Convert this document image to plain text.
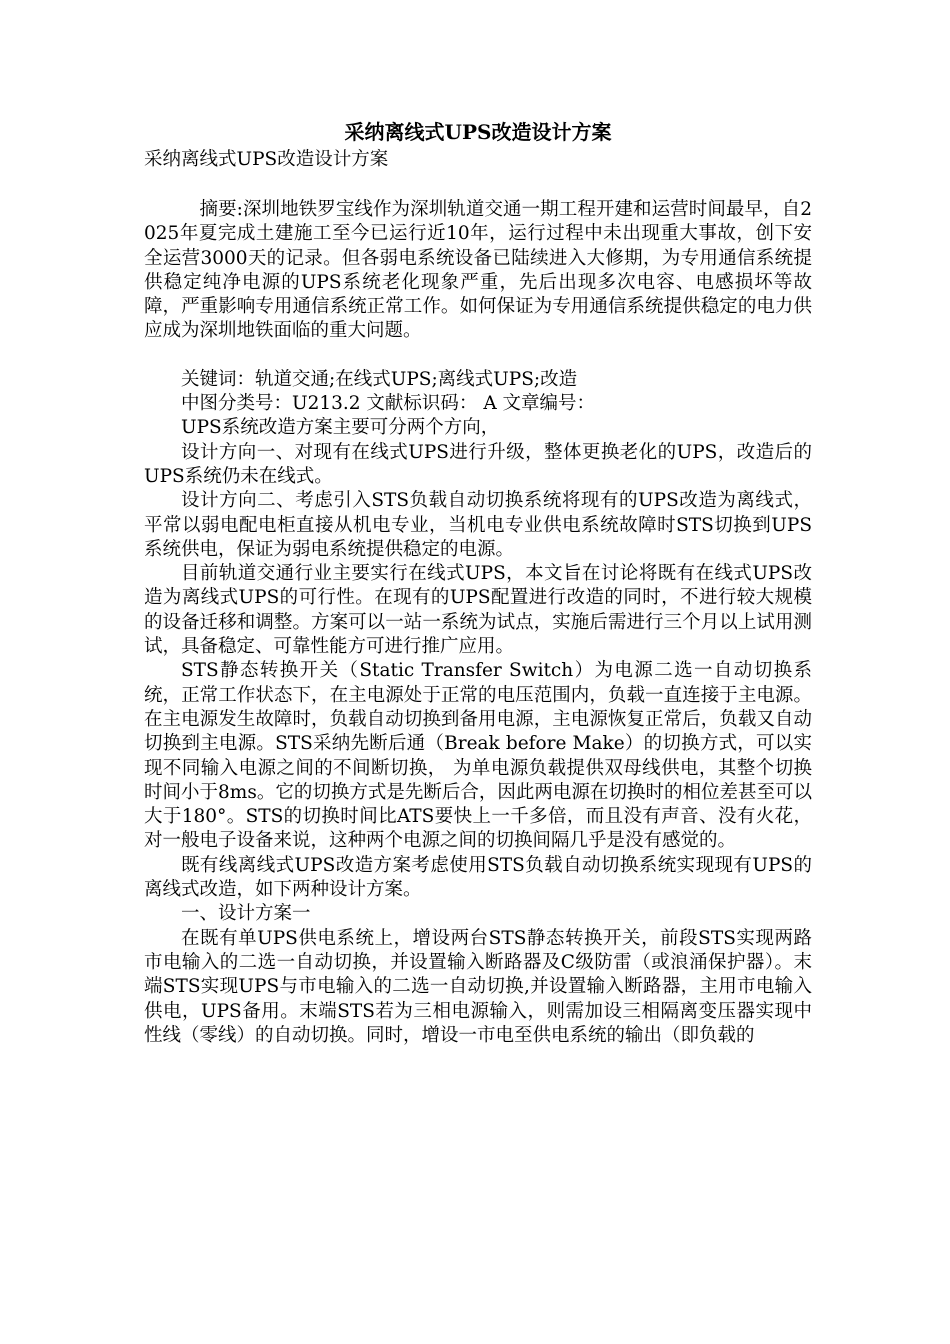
采纳离线式UPS改造设计方案
采纳离线式UPS改造设计方案

摘要:深圳地铁罗宝线作为深圳轨道交通一期工程开建和运营时间最早，自2025年夏完成土建施工至今已运行近10年，运行过程中未出现重大事故，创下安全运营3000天的记录。但各弱电系统设备已陆续进入大修期，为专用通信系统提供稳定纯净电源的UPS系统老化现象严重，先后出现多次电容、电感损坏等故障，严重影响专用通信系统正常工作。如何保证为专用通信系统提供稳定的电力供应成为深圳地铁面临的重大问题。

关键词：轨道交通;在线式UPS;离线式UPS;改造

中图分类号：U213.2 文献标识码： A 文章编号：

UPS系统改造方案主要可分两个方向，

设计方向一、对现有在线式UPS进行升级，整体更换老化的UPS，改造后的UPS系统仍未在线式。

设计方向二、考虑引入STS负载自动切换系统将现有的UPS改造为离线式，平常以弱电配电柜直接从机电专业，当机电专业供电系统故障时STS切换到UPS系统供电，保证为弱电系统提供稳定的电源。

目前轨道交通行业主要实行在线式UPS，本文旨在讨论将既有在线式UPS改造为离线式UPS的可行性。在现有的UPS配置进行改造的同时，不进行较大规模的设备迁移和调整。方案可以一站一系统为试点，实施后需进行三个月以上试用测试，具备稳定、可靠性能方可进行推广应用。

STS静态转换开关（Static Transfer Switch）为电源二选一自动切换系统，正常工作状态下，在主电源处于正常的电压范围内，负载一直连接于主电源。在主电源发生故障时，负载自动切换到备用电源，主电源恢复正常后，负载又自动切换到主电源。STS采纳先断后通（Break before Make）的切换方式，可以实现不同输入电源之间的不间断切换， 为单电源负载提供双母线供电，其整个切换时间小于8ms。它的切换方式是先断后合，因此两电源在切换时的相位差甚至可以大于180°。STS的切换时间比ATS要快上一千多倍，而且没有声音、没有火花，对一般电子设备来说，这种两个电源之间的切换间隔几乎是没有感觉的。

既有线离线式UPS改造方案考虑使用STS负载自动切换系统实现现有UPS的离线式改造，如下两种设计方案。

一、设计方案一

在既有单UPS供电系统上，增设两台STS静态转换开关，前段STS实现两路市电输入的二选一自动切换，并设置输入断路器及C级防雷（或浪涌保护器）。末端STS实现UPS与市电输入的二选一自动切换,并设置输入断路器，主用市电输入供电，UPS备用。末端STS若为三相电源输入，则需加设三相隔离变压器实现中性线（零线）的自动切换。同时，增设一市电至供电系统的输出（即负载的
